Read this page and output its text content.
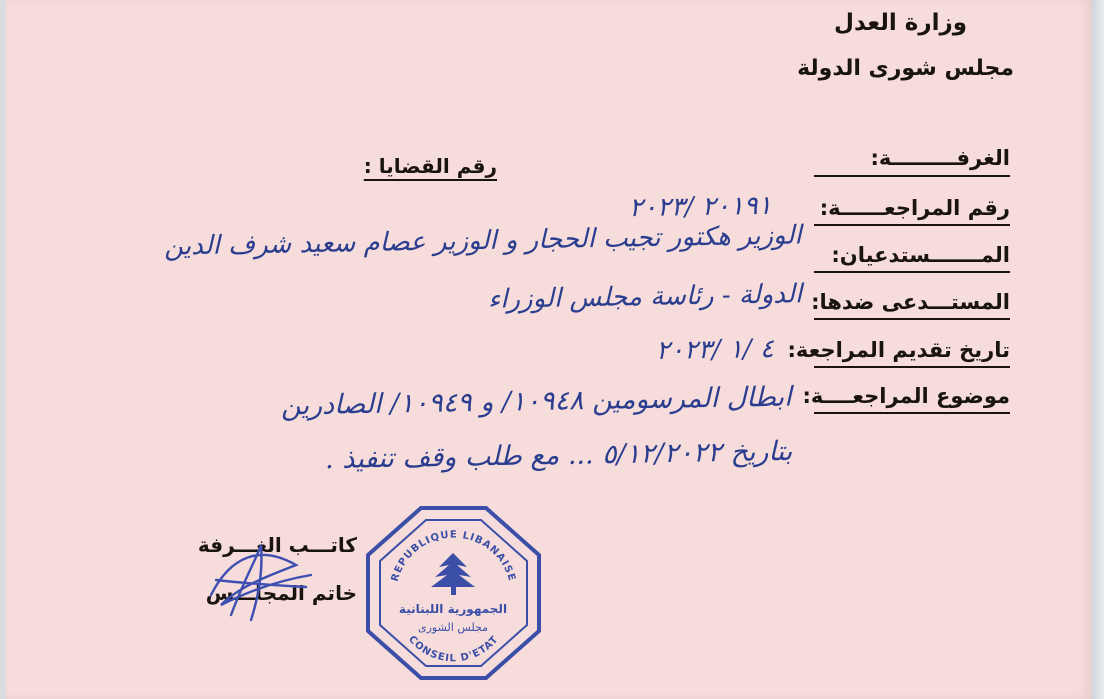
وزارة العدل
مجلس شورى الدولة
الغرفـــــــــة:
رقم القضايا :
رقم المراجعــــــة:
٢٠١٩١ /٢٠٢٣
المـــــــستدعيان:
الوزير هكتور تجيب الحجار و الوزير عصام سعيد شرف الدين
المستـــدعى ضدها:
الدولة - رئاسة مجلس الوزراء
تاريخ تقديم المراجعة:
٤ /١ /٢٠٢٣
موضوع المراجعــــة:
ابطال المرسومين ١٠٩٤٨/ و ١٠٩٤٩/ الصادرين
بتاريخ ٥/١٢/٢٠٢٢ ... مع طلب وقف تنفيذ .
كاتـــب الغـــرفة
خاتم المجلـــس
REPUBLIQUE LIBANAISE
الجمهورية اللبنانية
مجلس الشورى
CONSEIL D'ETAT
